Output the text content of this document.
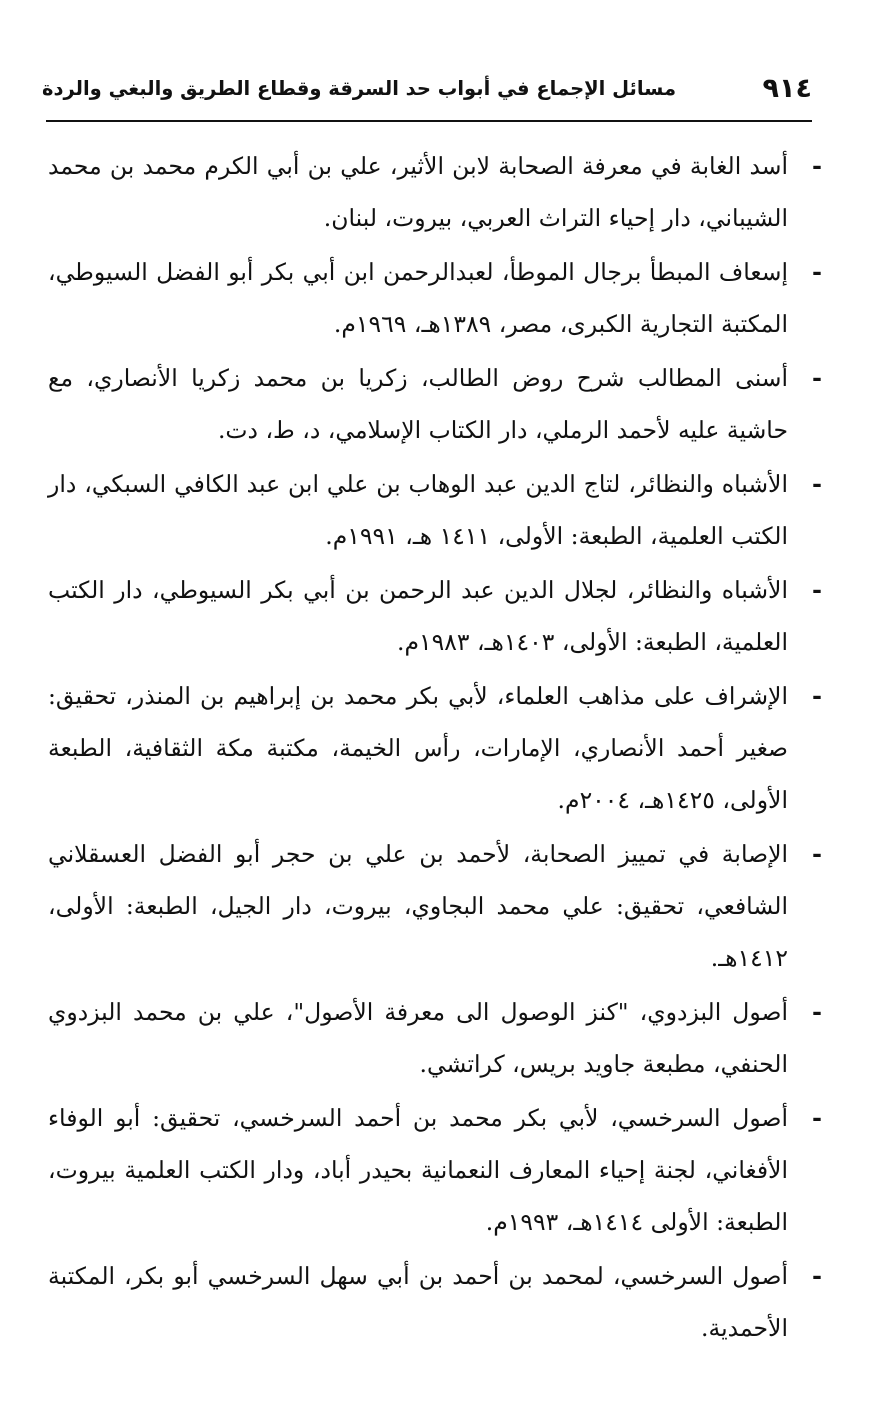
٩١٤
مسائل الإجماع في أبواب حد السرقة وقطاع الطريق والبغي والردة
-
أسد الغابة في معرفة الصحابة لابن الأثير، علي بن أبي الكرم محمد بن محمد الشيباني، دار إحياء التراث العربي، بيروت، لبنان.
-
إسعاف المبطأ برجال الموطأ، لعبدالرحمن ابن أبي بكر أبو الفضل السيوطي، المكتبة التجارية الكبرى، مصر، ١٣٨٩هـ، ١٩٦٩م.
-
أسنى المطالب شرح روض الطالب، زكريا بن محمد زكريا الأنصاري، مع حاشية عليه لأحمد الرملي، دار الكتاب الإسلامي، د، ط، دت.
-
الأشباه والنظائر، لتاج الدين عبد الوهاب بن علي ابن عبد الكافي السبكي، دار الكتب العلمية، الطبعة: الأولى، ١٤١١ هـ، ١٩٩١م.
-
الأشباه والنظائر، لجلال الدين عبد الرحمن بن أبي بكر السيوطي، دار الكتب العلمية، الطبعة: الأولى، ١٤٠٣هـ، ١٩٨٣م.
-
الإشراف على مذاهب العلماء، لأبي بكر محمد بن إبراهيم بن المنذر، تحقيق: صغير أحمد الأنصاري، الإمارات، رأس الخيمة، مكتبة مكة الثقافية، الطبعة الأولى، ١٤٢٥هـ، ٢٠٠٤م.
-
الإصابة في تمييز الصحابة، لأحمد بن علي بن حجر أبو الفضل العسقلاني الشافعي، تحقيق: علي محمد البجاوي، بيروت، دار الجيل، الطبعة: الأولى، ١٤١٢هـ.
-
أصول البزدوي، "كنز الوصول الى معرفة الأصول"، علي بن محمد البزدوي الحنفي، مطبعة جاويد بريس، كراتشي.
-
أصول السرخسي، لأبي بكر محمد بن أحمد السرخسي، تحقيق: أبو الوفاء الأفغاني، لجنة إحياء المعارف النعمانية بحيدر أباد، ودار الكتب العلمية بيروت، الطبعة: الأولى ١٤١٤هـ، ١٩٩٣م.
-
أصول السرخسي، لمحمد بن أحمد بن أبي سهل السرخسي أبو بكر، المكتبة الأحمدية.
